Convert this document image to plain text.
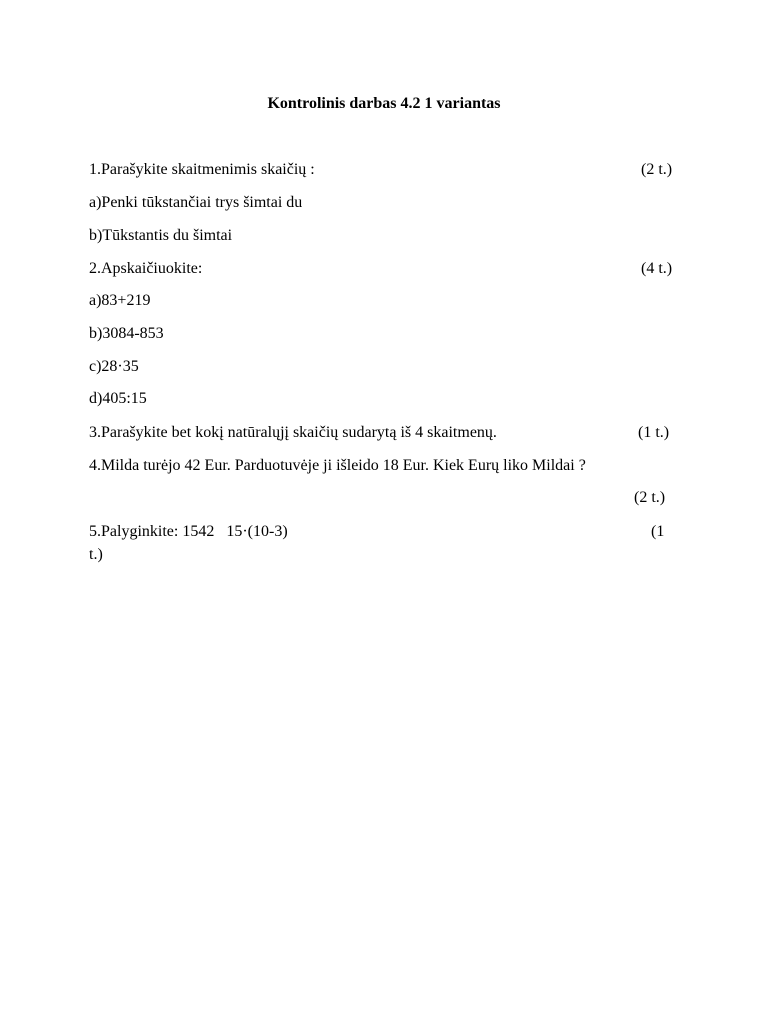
Kontrolinis darbas 4.2 1 variantas
1.Parašykite skaitmenimis skaičių :	(2 t.)
a)Penki tūkstančiai trys šimtai du
b)Tūkstantis du šimtai
2.Apskaičiuokite:	(4 t.)
a)83+219
b)3084-853
c)28·35
d)405:15
3.Parašykite bet kokį natūralųjį skaičių sudarytą iš 4 skaitmenų.	(1 t.)
4.Milda turėjo 42 Eur. Parduotuvėje ji išleido 18 Eur. Kiek Eurų liko Mildai ?
(2 t.)
5.Palyginkite: 1542   15·(10-3)	(1
t.)
